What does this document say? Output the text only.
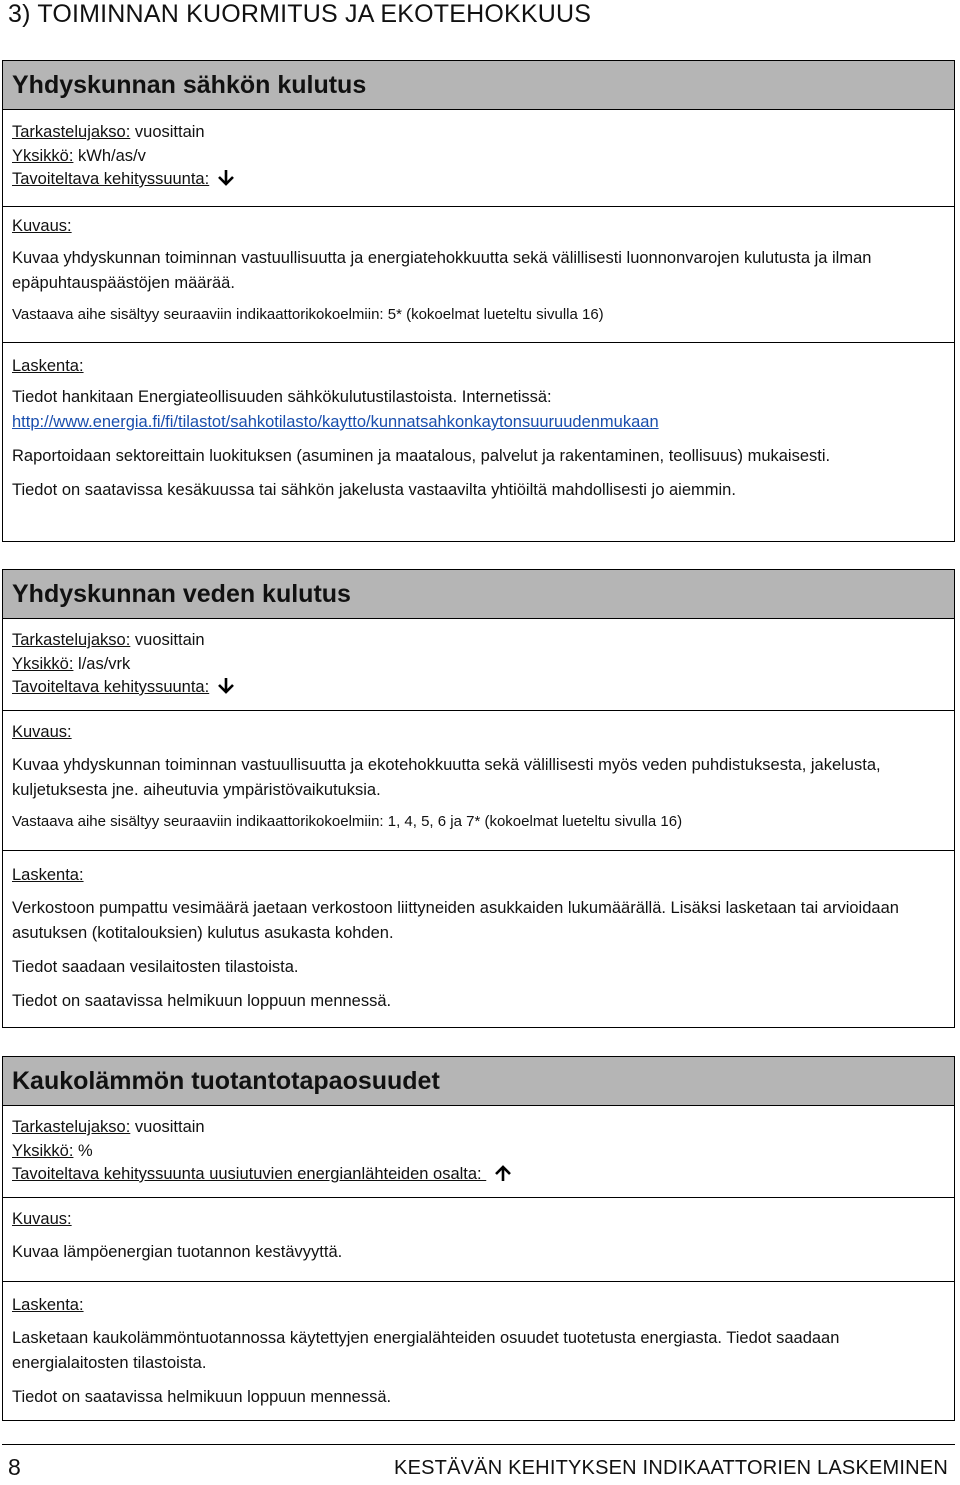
3) TOIMINNAN KUORMITUS JA EKOTEHOKKUUS
Yhdyskunnan sähkön kulutus
Tarkastelujakso: vuosittain
Yksikkö: kWh/as/v
Tavoiteltava kehityssuunta:
Kuvaus:

Kuvaa yhdyskunnan toiminnan vastuullisuutta ja energiatehokkuutta sekä välillisesti luonnonvarojen kulutusta ja ilman epäpuhtauspäästöjen määrää.

Vastaava aihe sisältyy seuraaviin indikaattorikokoelmiin: 5* (kokoelmat lueteltu sivulla 16)

Laskenta:

Tiedot hankitaan Energiateollisuuden sähkökulutustilastoista. Internetissä:

http://www.energia.fi/fi/tilastot/sahkotilasto/kaytto/kunnatsahkonkaytonsuuruudenmukaan

Raportoidaan sektoreittain luokituksen (asuminen ja maatalous, palvelut ja rakentaminen, teollisuus) mukaisesti.

Tiedot on saatavissa kesäkuussa tai sähkön jakelusta vastaavilta yhtiöiltä mahdollisesti jo aiemmin.

Yhdyskunnan veden kulutus
Tarkastelujakso: vuosittain
Yksikkö: l/as/vrk
Tavoiteltava kehityssuunta:
Kuvaus:

Kuvaa yhdyskunnan toiminnan vastuullisuutta ja ekotehokkuutta sekä välillisesti myös veden puhdistuksesta, jakelusta, kuljetuksesta jne. aiheutuvia ympäristövaikutuksia.

Vastaava aihe sisältyy seuraaviin indikaattorikokoelmiin: 1, 4, 5, 6 ja 7* (kokoelmat lueteltu sivulla 16)

Laskenta:

Verkostoon pumpattu vesimäärä jaetaan verkostoon liittyneiden asukkaiden lukumäärällä. Lisäksi lasketaan tai arvioidaan asutuksen (kotitalouksien) kulutus asukasta kohden.

Tiedot saadaan vesilaitosten tilastoista.

Tiedot on saatavissa helmikuun loppuun mennessä.

Kaukolämmön tuotantotapaosuudet
Tarkastelujakso: vuosittain
Yksikkö: %
Tavoiteltava kehityssuunta uusiutuvien energianlähteiden osalta:
Kuvaus:

Kuvaa lämpöenergian tuotannon kestävyyttä.

Laskenta:

Lasketaan kaukolämmöntuotannossa käytettyjen energialähteiden osuudet tuotetusta energiasta. Tiedot saadaan energialaitosten tilastoista.

Tiedot on saatavissa helmikuun loppuun mennessä.

8	KESTÄVÄN KEHITYKSEN INDIKAATTORIEN LASKEMINEN
